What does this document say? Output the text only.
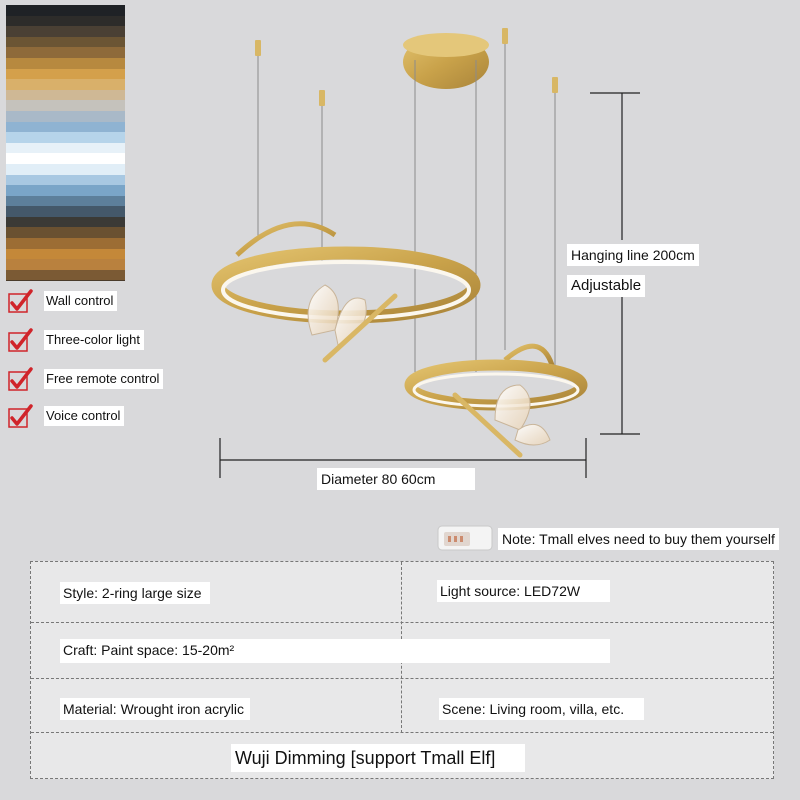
Wall control
Three-color light
Free remote control
Voice control
Hanging line 200cm
Adjustable
Diameter 80 60cm
Note: Tmall elves need to buy them yourself
Style: 2-ring large size	Light source: LED72W
Craft: Paint space: 15-20m²
Material: Wrought iron acrylic	Scene: Living room, villa, etc.
Wuji Dimming [support Tmall Elf]
